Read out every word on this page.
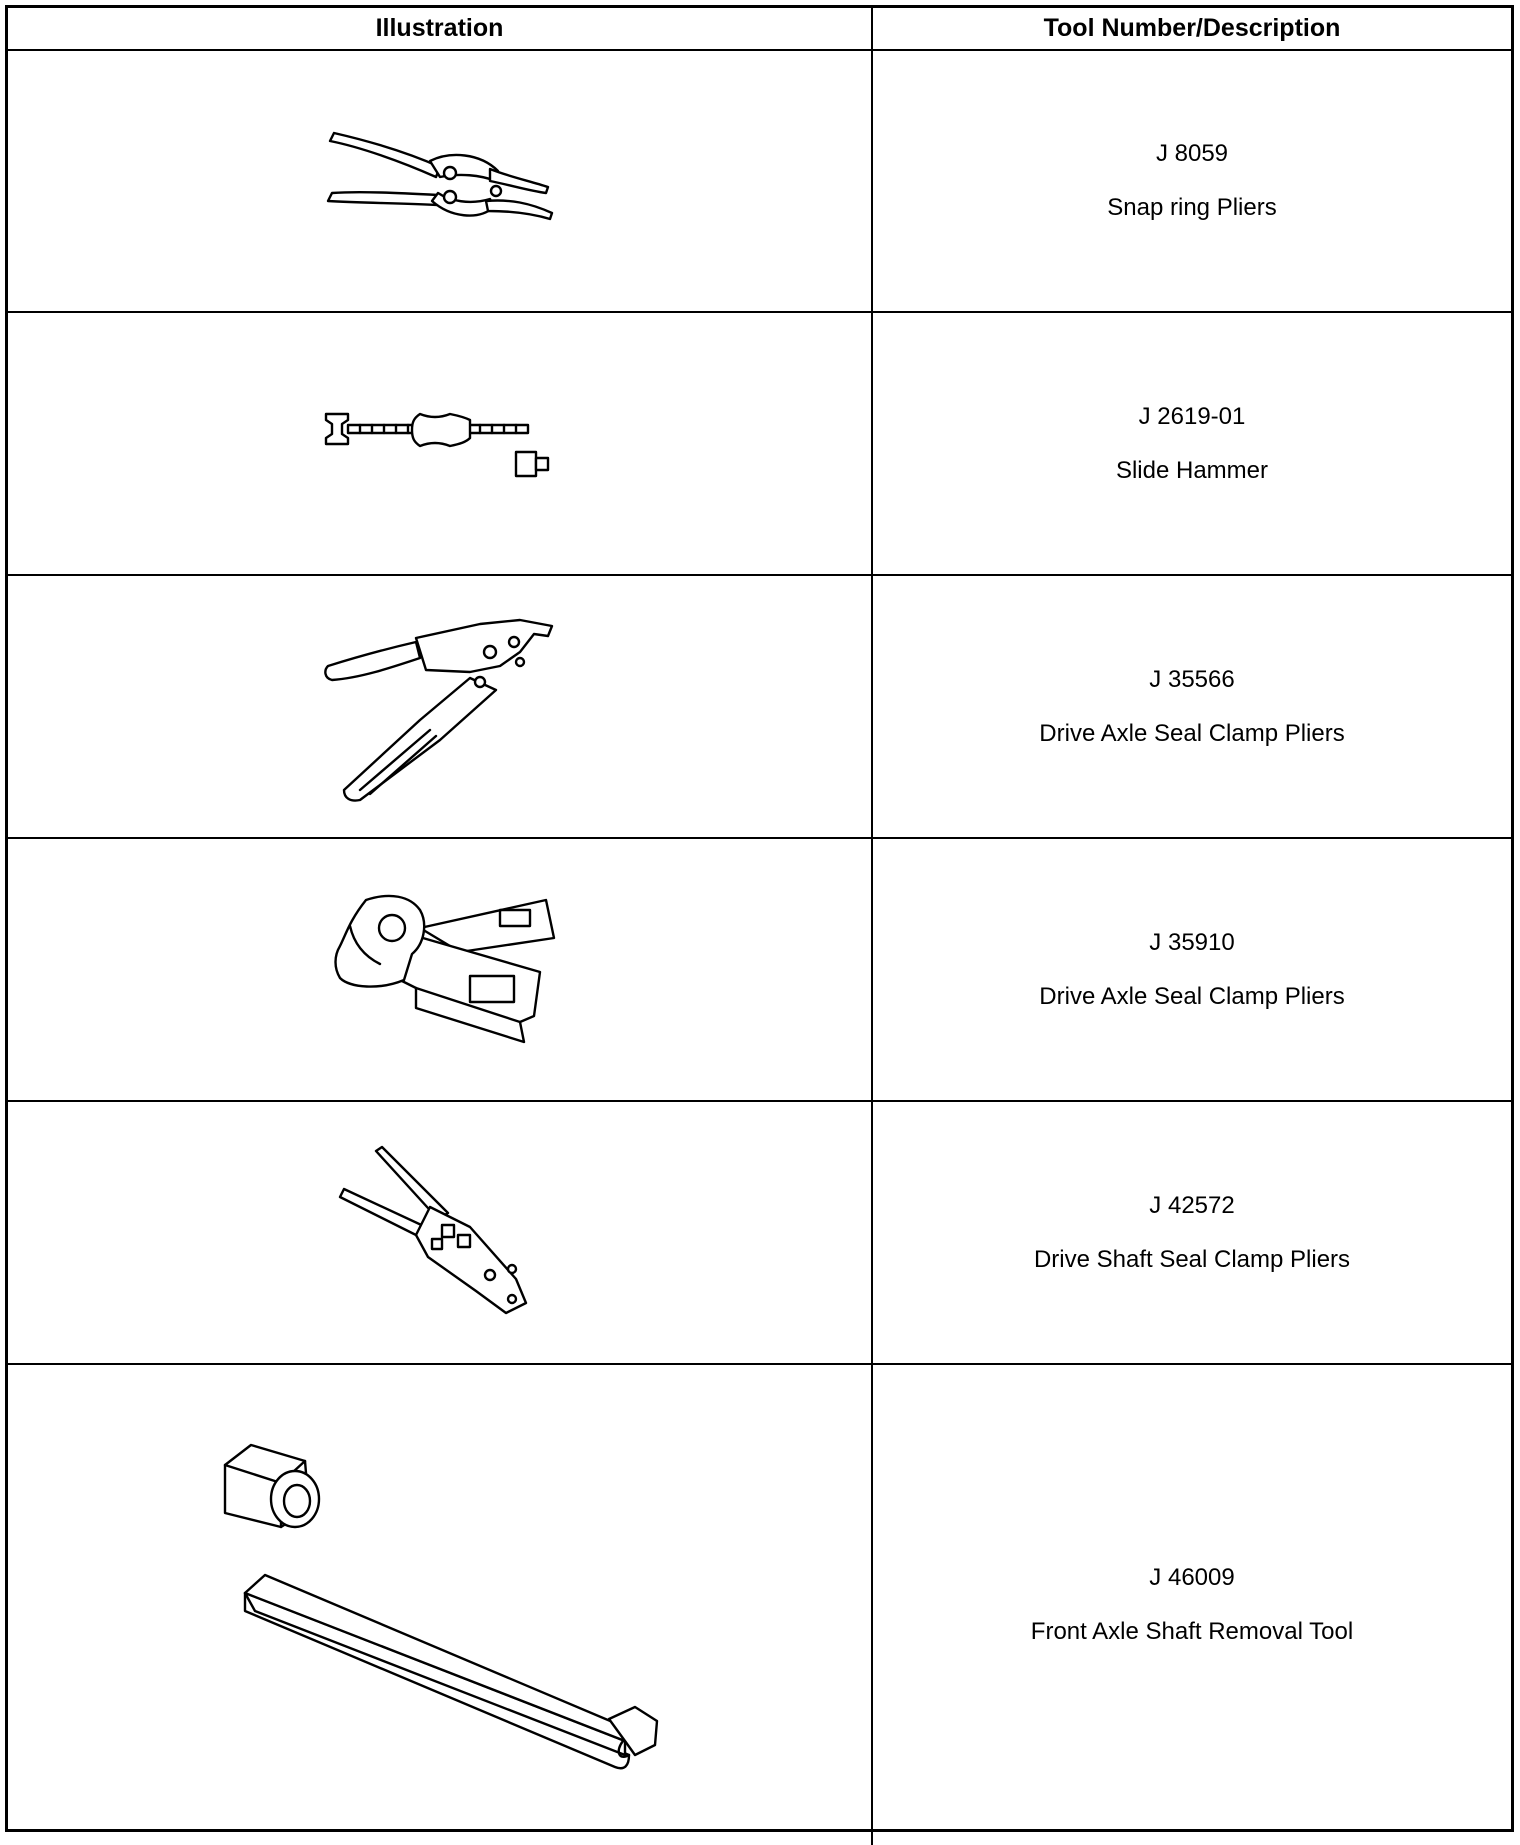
Illustration	Tool Number/Description
J 8059
Snap ring Pliers
J 2619-01
Slide Hammer
J 35566
Drive Axle Seal Clamp Pliers
J 35910
Drive Axle Seal Clamp Pliers
J 42572
Drive Shaft Seal Clamp Pliers
J 46009
Front Axle Shaft Removal Tool
